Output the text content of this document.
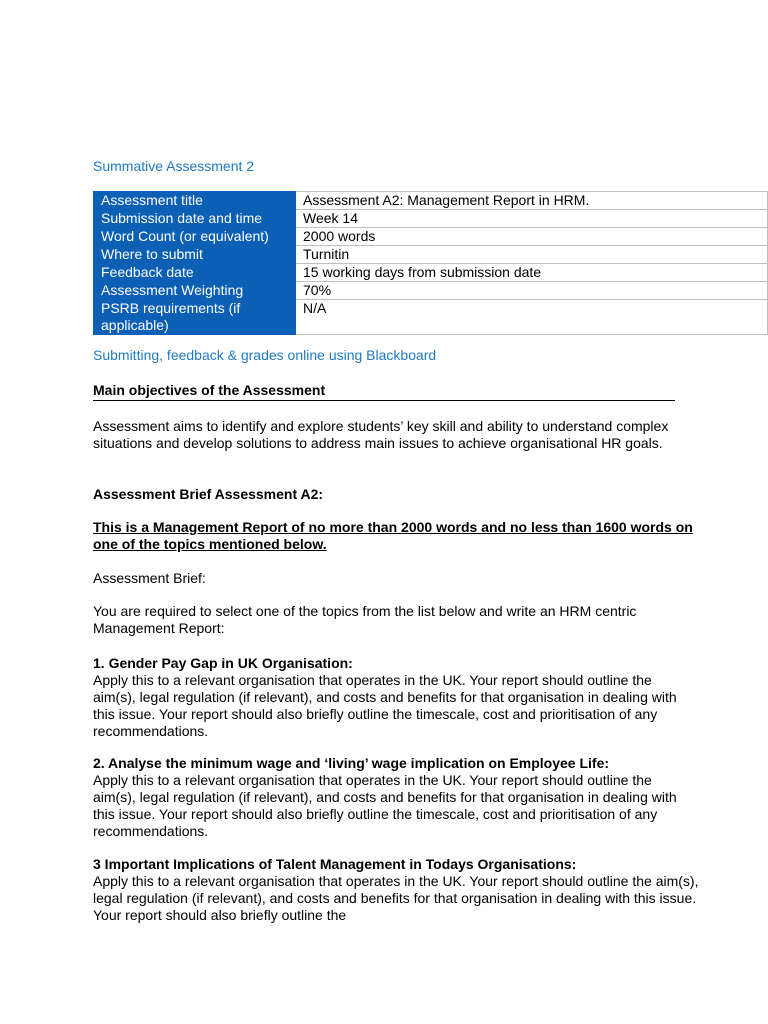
Summative Assessment 2
Assessment title	Assessment A2: Management Report in HRM.
Submission date and time	Week 14
Word Count (or equivalent)	2000 words
Where to submit	Turnitin
Feedback date	15 working days from submission date
Assessment Weighting	70%
PSRB requirements (if applicable)	N/A
Submitting, feedback & grades online using Blackboard
Main objectives of the Assessment
Assessment aims to identify and explore students’ key skill and ability to understand complex situations and develop solutions to address main issues to achieve organisational HR goals.
Assessment Brief Assessment A2:
This is a Management Report of no more than 2000 words and no less than 1600 words on one of the topics mentioned below.
Assessment Brief:
You are required to select one of the topics from the list below and write an HRM centric Management Report:
1. Gender Pay Gap in UK Organisation:
Apply this to a relevant organisation that operates in the UK. Your report should outline the aim(s), legal regulation (if relevant), and costs and benefits for that organisation in dealing with this issue. Your report should also briefly outline the timescale, cost and prioritisation of any recommendations.
2. Analyse the minimum wage and ‘living’ wage implication on Employee Life:
Apply this to a relevant organisation that operates in the UK. Your report should outline the aim(s), legal regulation (if relevant), and costs and benefits for that organisation in dealing with this issue. Your report should also briefly outline the timescale, cost and prioritisation of any recommendations.
3 Important Implications of Talent Management in Todays Organisations:
Apply this to a relevant organisation that operates in the UK. Your report should outline the aim(s), legal regulation (if relevant), and costs and benefits for that organisation in dealing with this issue. Your report should also briefly outline the
